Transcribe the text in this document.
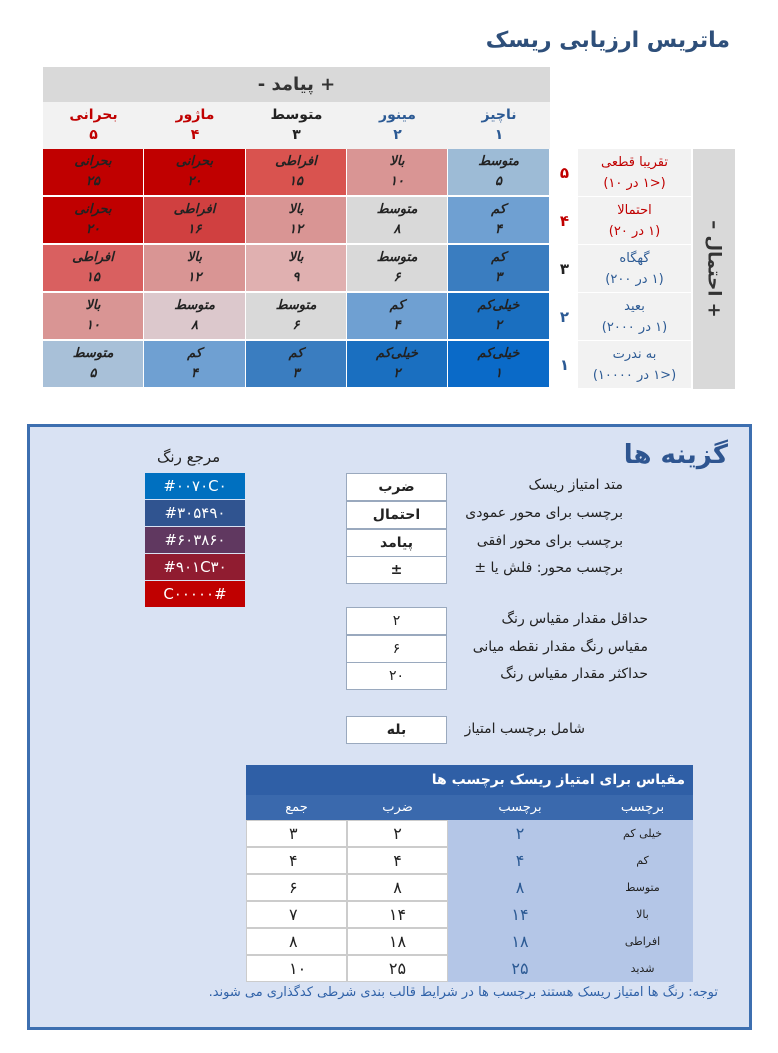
ماتریس ارزیابی ریسک
+ پیامد -
بحرانی
۵
ماژور
۴
متوسط
۳
مینور
۲
ناچیز
۱
بحرانی
۲۵
بحرانی
۲۰
افراطی
۱۵
بالا
۱۰
متوسط
۵
بحرانی
۲۰
افراطی
۱۶
بالا
۱۲
متوسط
۸
کم
۴
افراطی
۱۵
بالا
۱۲
بالا
۹
متوسط
۶
کم
۳
بالا
۱۰
متوسط
۸
متوسط
۶
کم
۴
خیلی‌کم
۲
متوسط
۵
کم
۴
کم
۳
خیلی‌کم
۲
خیلی‌کم
۱
۵
تقریبا قطعی
(<۱ در ۱۰)
۴
احتمالا
(۱ در ۲۰)
۳
گهگاه
(۱ در ۲۰۰)
۲
بعید
(۱ در ۲۰۰۰)
۱
به ندرت
(<۱ در ۱۰۰۰۰)
+ احتمال –
گزینه ها
متد امتیاز ریسک
ضرب
برچسب برای محور عمودی
احتمال
برچسب برای محور افقی
پیامد
برچسب محور: فلش یا ±
±
حداقل مقدار مقیاس رنگ
۲
مقیاس رنگ مقدار نقطه میانی
۶
حداکثر مقدار مقیاس رنگ
۲۰
شامل برچسب امتیاز
بله
مرجع رنگ
#۰۰۷۰C۰
#۳۰۵۴۹۰
#۶۰۳۸۶۰
#۹۰۱C۳۰
C۰۰۰۰۰#
مقیاس برای امتیاز ریسک برچسب ها
برچسب
برچسب
ضرب
جمع
خیلی کم
۲
۲
۳
کم
۴
۴
۴
متوسط
۸
۸
۶
بالا
۱۴
۱۴
۷
افراطی
۱۸
۱۸
۸
شدید
۲۵
۲۵
۱۰
توجه: رنگ ها امتیاز ریسک هستند برچسب ها در شرایط قالب بندی شرطی کدگذاری می شوند.
